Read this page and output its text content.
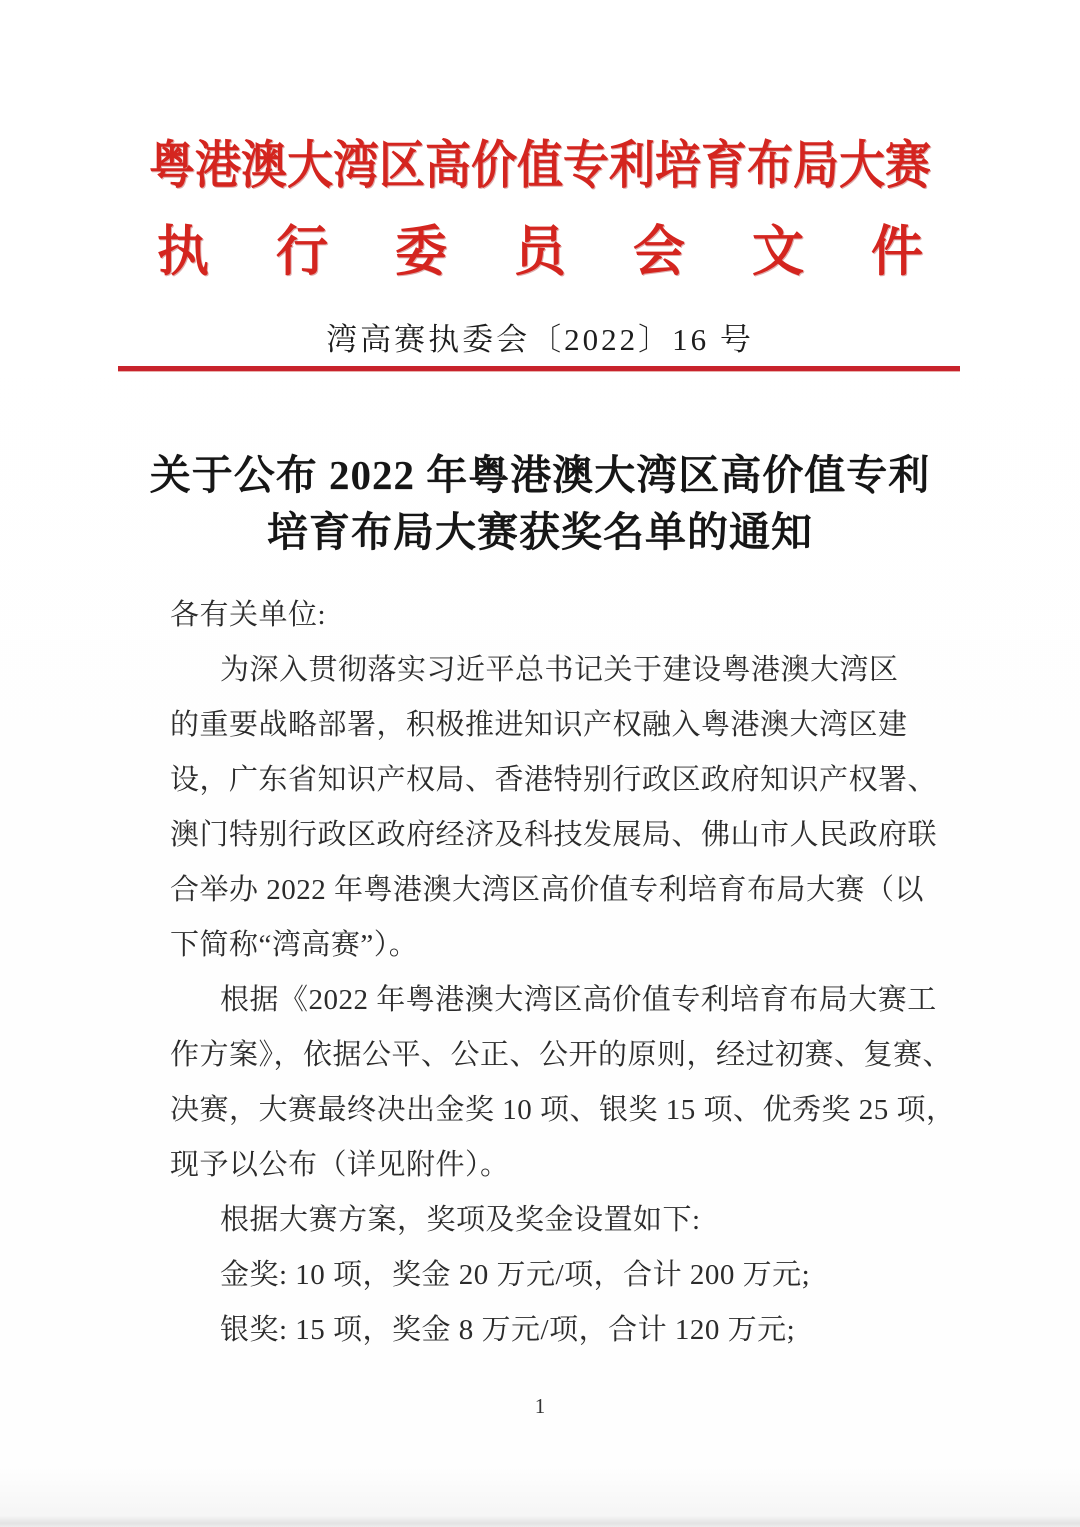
粤港澳大湾区高价值专利培育布局大赛
执行委员会文件
湾高赛执委会〔2022〕16 号
关于公布 2022 年粤港澳大湾区高价值专利
培育布局大赛获奖名单的通知
各有关单位:
为深入贯彻落实习近平总书记关于建设粤港澳大湾区
的重要战略部署，积极推进知识产权融入粤港澳大湾区建
设，广东省知识产权局、香港特别行政区政府知识产权署、
澳门特别行政区政府经济及科技发展局、佛山市人民政府联
合举办 2022 年粤港澳大湾区高价值专利培育布局大赛（以
下简称“湾高赛”）。
根据《2022 年粤港澳大湾区高价值专利培育布局大赛工
作方案》，依据公平、公正、公开的原则，经过初赛、复赛、
决赛，大赛最终决出金奖 10 项、银奖 15 项、优秀奖 25 项，
现予以公布（详见附件）。
根据大赛方案，奖项及奖金设置如下:
金奖: 10 项，奖金 20 万元/项，合计 200 万元;
银奖: 15 项，奖金 8 万元/项，合计 120 万元;
1
